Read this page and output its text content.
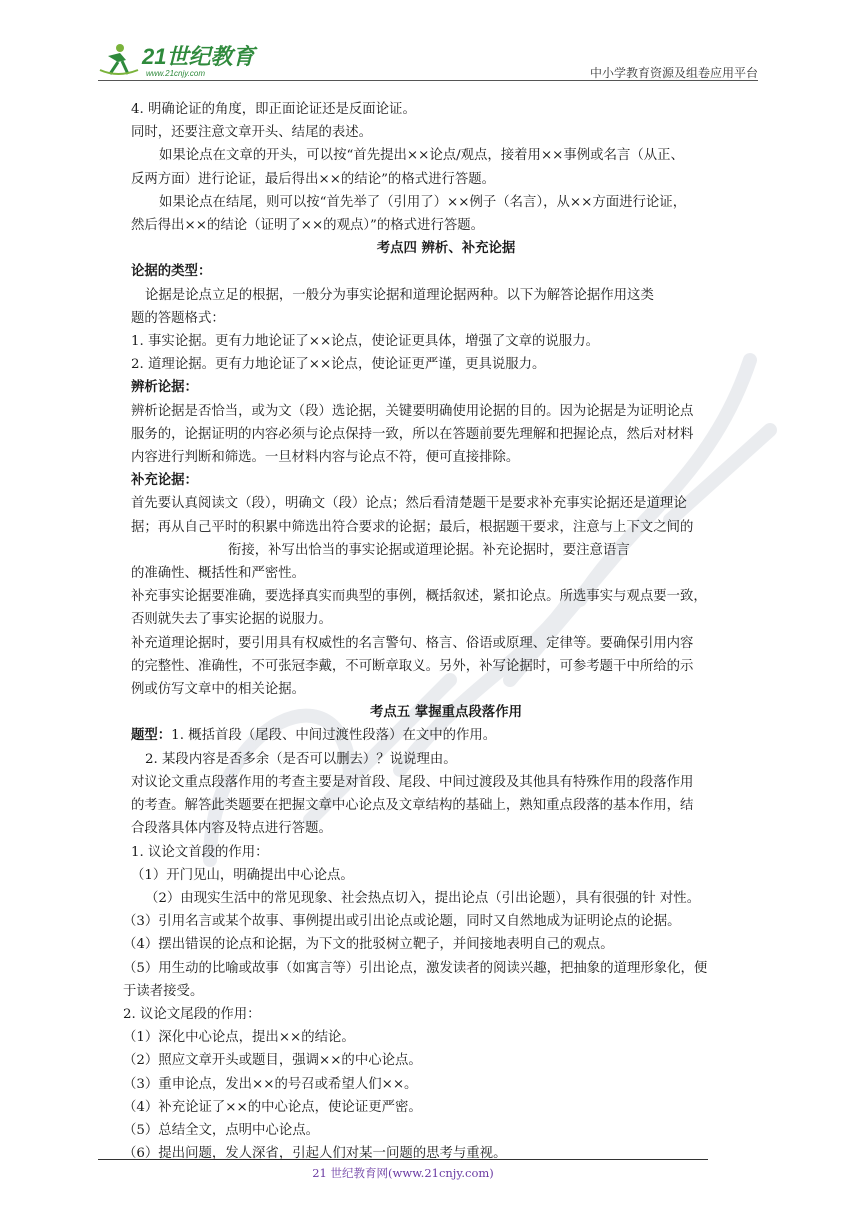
21世纪教育
www.21cnjy.com	中小学教育资源及组卷应用平台

4. 明确论证的角度，即正面论证还是反面论证。

同时，还要注意文章开头、结尾的表述。

如果论点在文章的开头，可以按“首先提出××论点/观点，接着用××事例或名言（从正、

反两方面）进行论证，最后得出××的结论”的格式进行答题。

如果论点在结尾，则可以按“首先举了（引用了）××例子（名言），从××方面进行论证，

然后得出××的结论（证明了××的观点）”的格式进行答题。

考点四 辨析、补充论据

论据的类型：

论据是论点立足的根据，一般分为事实论据和道理论据两种。以下为解答论据作用这类

题的答题格式：

1. 事实论据。更有力地论证了××论点，使论证更具体，增强了文章的说服力。

2. 道理论据。更有力地论证了××论点，使论证更严谨，更具说服力。

辨析论据：

辨析论据是否恰当，或为文（段）选论据，关键要明确使用论据的目的。因为论据是为证明论点

服务的，论据证明的内容必须与论点保持一致，所以在答题前要先理解和把握论点，然后对材料

内容进行判断和筛选。一旦材料内容与论点不符，便可直接排除。

补充论据：

首先要认真阅读文（段），明确文（段）论点；然后看清楚题干是要求补充事实论据还是道理论

据；再从自己平时的积累中筛选出符合要求的论据；最后，根据题干要求，注意与上下文之间的

衔接，补写出恰当的事实论据或道理论据。补充论据时，要注意语言

的准确性、概括性和严密性。

补充事实论据要准确，要选择真实而典型的事例，概括叙述，紧扣论点。所选事实与观点要一致，

否则就失去了事实论据的说服力。

补充道理论据时，要引用具有权威性的名言警句、格言、俗语或原理、定律等。要确保引用内容

的完整性、准确性，不可张冠李戴，不可断章取义。另外，补写论据时，可参考题干中所给的示

例或仿写文章中的相关论据。

考点五 掌握重点段落作用

题型：1. 概括首段（尾段、中间过渡性段落）在文中的作用。

2. 某段内容是否多余（是否可以删去）？说说理由。

对议论文重点段落作用的考查主要是对首段、尾段、中间过渡段及其他具有特殊作用的段落作用

的考查。解答此类题要在把握文章中心论点及文章结构的基础上，熟知重点段落的基本作用，结

合段落具体内容及特点进行答题。

1. 议论文首段的作用：

（1）开门见山，明确提出中心论点。

（2）由现实生活中的常见现象、社会热点切入，提出论点（引出论题），具有很强的针 对性。

（3）引用名言或某个故事、事例提出或引出论点或论题，同时又自然地成为证明论点的论据。

（4）摆出错误的论点和论据，为下文的批驳树立靶子，并间接地表明自己的观点。

（5）用生动的比喻或故事（如寓言等）引出论点，激发读者的阅读兴趣，把抽象的道理形象化，便

于读者接受。

2. 议论文尾段的作用：

（1）深化中心论点，提出××的结论。

（2）照应文章开头或题目，强调××的中心论点。

（3）重申论点，发出××的号召或希望人们××。

（4）补充论证了××的中心论点，使论证更严密。

（5）总结全文，点明中心论点。

（6）提出问题，发人深省，引起人们对某一问题的思考与重视。

21 世纪教育网(www.21cnjy.com)
